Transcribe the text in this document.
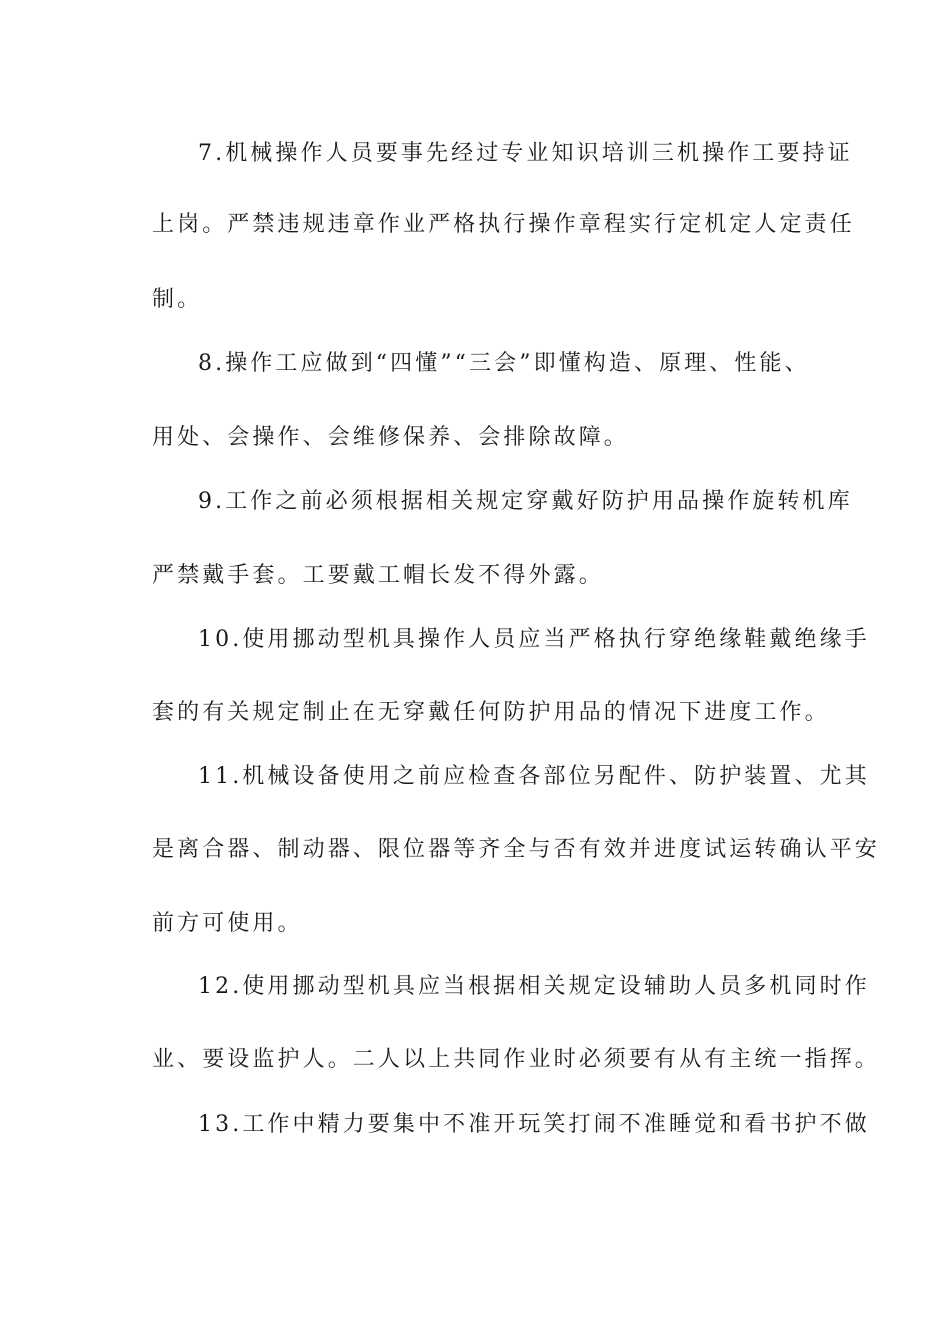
7.机械操作人员要事先经过专业知识培训三机操作工要持证
上岗。严禁违规违章作业严格执行操作章程实行定机定人定责任
制。
8.操作工应做到“四懂”“三会”即懂构造、原理、性能、
用处、会操作、会维修保养、会排除故障。
9.工作之前必须根据相关规定穿戴好防护用品操作旋转机库
严禁戴手套。工要戴工帽长发不得外露。
10.使用挪动型机具操作人员应当严格执行穿绝缘鞋戴绝缘手
套的有关规定制止在无穿戴任何防护用品的情况下进度工作。
11.机械设备使用之前应检查各部位另配件、防护装置、尤其
是离合器、制动器、限位器等齐全与否有效并进度试运转确认平安
前方可使用。
12.使用挪动型机具应当根据相关规定设辅助人员多机同时作
业、要设监护人。二人以上共同作业时必须要有从有主统一指挥。
13.工作中精力要集中不准开玩笑打闹不准睡觉和看书护不做
